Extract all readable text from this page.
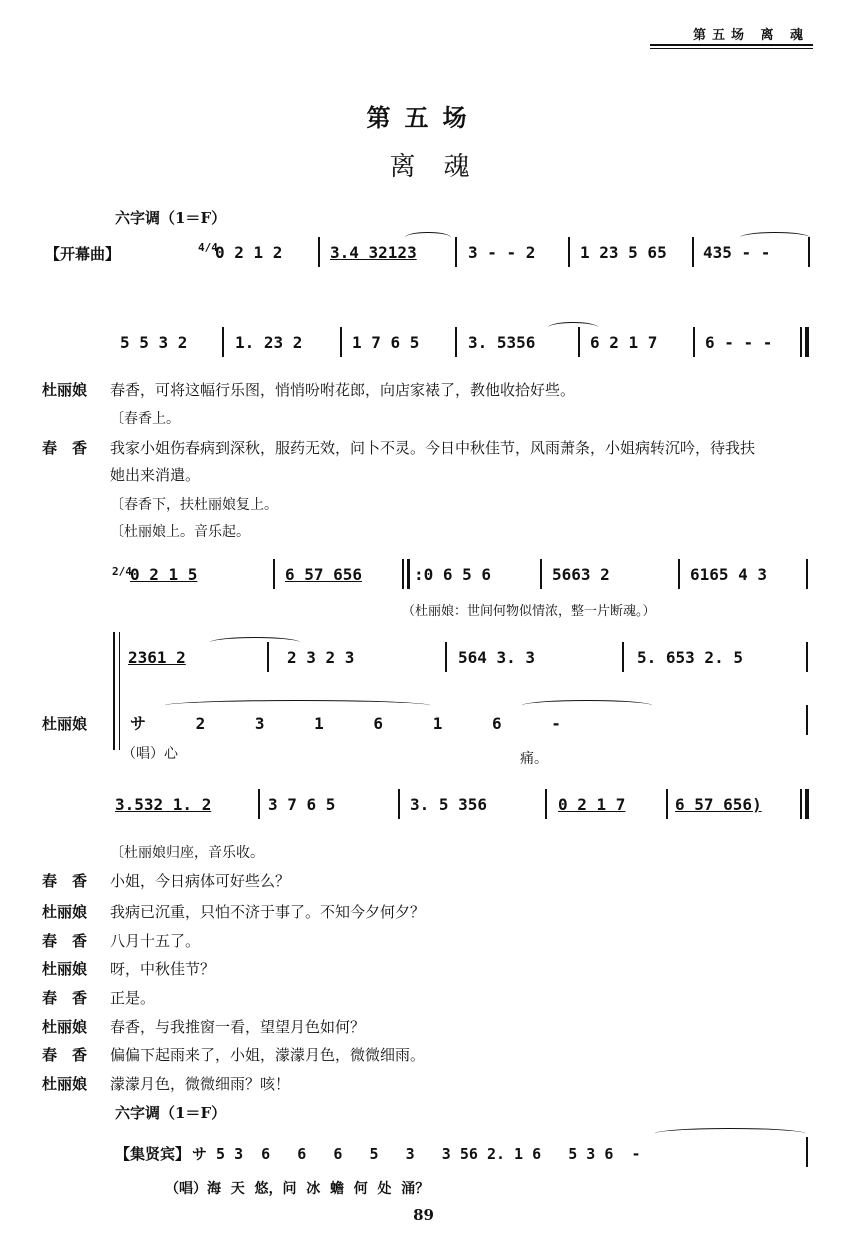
第五场 离 魂
第五场
离魂
六字调（1＝F）
【开幕曲】	4/4
0 2 1 2	3.4 32123	3 - - 2	1 23 5 65 435 - -
5 5 3 2	1. 23 2	1 7 6 5	3. 5356	6 2 1 7	6 - - -
杜丽娘	春香，可将这幅行乐图，悄悄吩咐花郎，向店家裱了，教他收拾好些。
〔春香上。
春　香	我家小姐伤春病到深秋，服药无效，问卜不灵。今日中秋佳节，风雨萧条，小姐病转沉吟，待我扶
她出来消遣。
〔春香下，扶杜丽娘复上。
〔杜丽娘上。音乐起。
2/4
0 2 1 5	6 57 656	:0 6 5 6	5663 2	6165 4 3
（杜丽娘：世间何物似情浓，整一片断魂。）
2361 2	2 3 2 3	564 3. 3	5. 653 2. 5
杜丽娘	サ 2 3 1 6 1 6 -
（唱）心	痛。
3.532 1. 2	3 7 6 5	3. 5 356	0 2 1 7	6 57 656)
〔杜丽娘归座，音乐收。
春　香	小姐，今日病体可好些么？
杜丽娘	我病已沉重，只怕不济于事了。不知今夕何夕？
春　香	八月十五了。
杜丽娘	呀，中秋佳节？
春　香	正是。
杜丽娘	春香，与我推窗一看，望望月色如何？
春　香	偏偏下起雨来了，小姐，濛濛月色，微微细雨。
杜丽娘	濛濛月色，微微细雨？咳！
六字调（1＝F）
【集贤宾】 サ 5 3  6   6   6   5   3   3 56 2. 1 6   5 3 6  -
（唱）海  天  悠，问  冰  蟾  何  处  涌？
89
